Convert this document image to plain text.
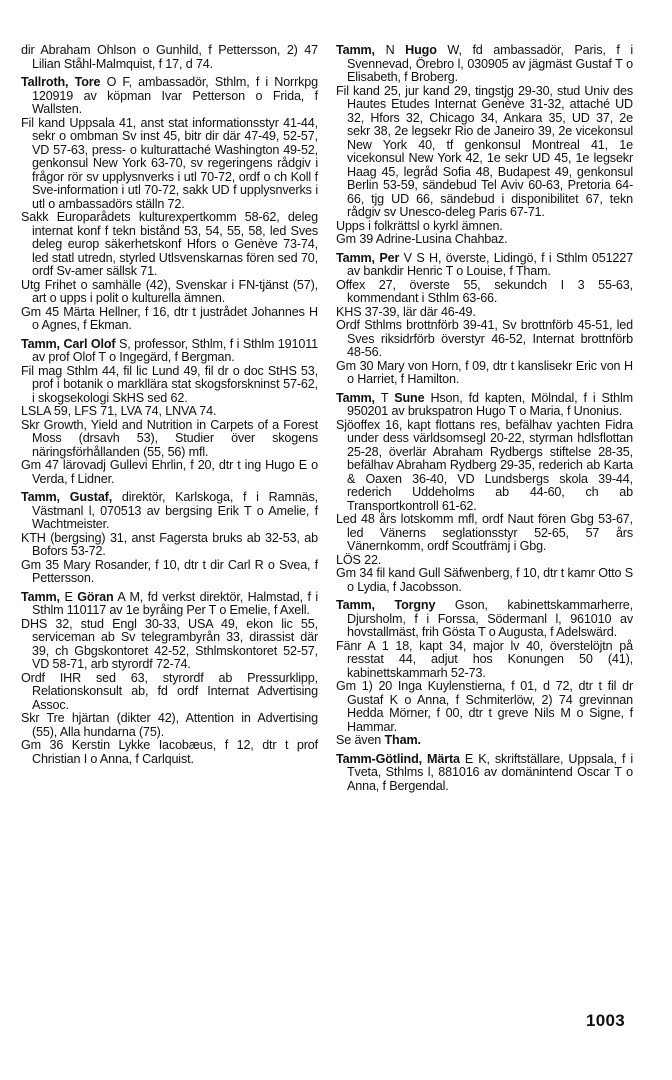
dir Abraham Ohlson o Gunhild, f Pettersson, 2) 47 Lilian Ståhl-Malmquist, f 17, d 74.

Tallroth, Tore O F, ambassadör, Sthlm, f i Norrkpg 120919 av köpman Ivar Petterson o Frida, f Wallsten.

Fil kand Uppsala 41, anst stat informationsstyr 41-44, sekr o ombman Sv inst 45, bitr dir där 47-49, 52-57, VD 57-63, press- o kulturattaché Washington 49-52, genkonsul New York 63-70, sv regeringens rådgiv i frågor rör sv upplysnverks i utl 70-72, ordf o ch Koll f Sve-information i utl 70-72, sakk UD f upplysnverks i utl o ambassadörs ställn 72.

Sakk Europarådets kulturexpertkomm 58-62, deleg internat konf f tekn bistånd 53, 54, 55, 58, led Sves deleg europ säkerhetskonf Hfors o Genève 73-74, led statl utredn, styrled Utlsvenskarnas fören sed 70, ordf Sv-amer sällsk 71.

Utg Frihet o samhälle (42), Svenskar i FN-tjänst (57), art o upps i polit o kulturella ämnen.

Gm 45 Märta Hellner, f 16, dtr t justrådet Johannes H o Agnes, f Ekman.

Tamm, Carl Olof S, professor, Sthlm, f i Sthlm 191011 av prof Olof T o Ingegärd, f Bergman.

Fil mag Sthlm 44, fil lic Lund 49, fil dr o doc StHS 53, prof i botanik o markllära stat skogsforskninst 57-62, i skogsekologi SkHS sed 62.

LSLA 59, LFS 71, LVA 74, LNVA 74.

Skr Growth, Yield and Nutrition in Carpets of a Forest Moss (drsavh 53), Studier över skogens näringsförhållanden (55, 56) mfl.

Gm 47 lärovadj Gullevi Ehrlin, f 20, dtr t ing Hugo E o Verda, f Lidner.

Tamm, Gustaf, direktör, Karlskoga, f i Ramnäs, Västmanl l, 070513 av bergsing Erik T o Amelie, f Wachtmeister.

KTH (bergsing) 31, anst Fagersta bruks ab 32-53, ab Bofors 53-72.

Gm 35 Mary Rosander, f 10, dtr t dir Carl R o Svea, f Pettersson.

Tamm, E Göran A M, fd verkst direktör, Halmstad, f i Sthlm 110117 av 1e byråing Per T o Emelie, f Axell.

DHS 32, stud Engl 30-33, USA 49, ekon lic 55, serviceman ab Sv telegrambyrån 33, dirassist där 39, ch Gbgskontoret 42-52, Sthlmskontoret 52-57, VD 58-71, arb styrordf 72-74.

Ordf IHR sed 63, styrordf ab Pressurklipp, Relationskonsult ab, fd ordf Internat Advertising Assoc.

Skr Tre hjärtan (dikter 42), Attention in Advertising (55), Alla hundarna (75).

Gm 36 Kerstin Lykke Iacobæus, f 12, dtr t prof Christian I o Anna, f Carlquist.

Tamm, N Hugo W, fd ambassadör, Paris, f i Svennevad, Örebro l, 030905 av jägmäst Gustaf T o Elisabeth, f Broberg.

Fil kand 25, jur kand 29, tingstjg 29-30, stud Univ des Hautes Etudes Internat Genève 31-32, attaché UD 32, Hfors 32, Chicago 34, Ankara 35, UD 37, 2e sekr 38, 2e legsekr Rio de Janeiro 39, 2e vicekonsul New York 40, tf genkonsul Montreal 41, 1e vicekonsul New York 42, 1e sekr UD 45, 1e legsekr Haag 45, legråd Sofia 48, Budapest 49, genkonsul Berlin 53-59, sändebud Tel Aviv 60-63, Pretoria 64-66, tjg UD 66, sändebud i disponibilitet 67, tekn rådgiv sv Unesco-deleg Paris 67-71.

Upps i folkrättsl o kyrkl ämnen.

Gm 39 Adrine-Lusina Chahbaz.

Tamm, Per V S H, överste, Lidingö, f i Sthlm 051227 av bankdir Henric T o Louise, f Tham.

Offex 27, överste 55, sekundch I 3 55-63, kommendant i Sthlm 63-66.

KHS 37-39, lär där 46-49.

Ordf Sthlms brottnförb 39-41, Sv brottnförb 45-51, led Sves riksidrförb överstyr 46-52, Internat brottnförb 48-56.

Gm 30 Mary von Horn, f 09, dtr t kanslisekr Eric von H o Harriet, f Hamilton.

Tamm, T Sune Hson, fd kapten, Mölndal, f i Sthlm 950201 av brukspatron Hugo T o Maria, f Unonius.

Sjöoffex 16, kapt flottans res, befälhav yachten Fidra under dess världsomsegl 20-22, styrman hdlsflottan 25-28, överlär Abraham Rydbergs stiftelse 28-35, befälhav Abraham Rydberg 29-35, rederich ab Karta & Oaxen 36-40, VD Lundsbergs skola 39-44, rederich Uddeholms ab 44-60, ch ab Transportkontroll 61-62.

Led 48 års lotskomm mfl, ordf Naut fören Gbg 53-67, led Vänerns seglationsstyr 52-65, 57 års Vänernkomm, ordf Scoutfrämj i Gbg.

LÖS 22.

Gm 34 fil kand Gull Säfwenberg, f 10, dtr t kamr Otto S o Lydia, f Jacobsson.

Tamm, Torgny Gson, kabinettskammarherre, Djursholm, f i Forssa, Södermanl l, 961010 av hovstallmäst, frih Gösta T o Augusta, f Adelswärd.

Fänr A 1 18, kapt 34, major lv 40, överstelöjtn på resstat 44, adjut hos Konungen 50 (41), kabinettskammarh 52-73.

Gm 1) 20 Inga Kuylenstierna, f 01, d 72, dtr t fil dr Gustaf K o Anna, f Schmiterlöw, 2) 74 grevinnan Hedda Mörner, f 00, dtr t greve Nils M o Signe, f Hammar.

Se även Tham.

Tamm-Götlind, Märta E K, skriftställare, Uppsala, f i Tveta, Sthlms l, 881016 av domänintend Oscar T o Anna, f Bergendal.

1003
